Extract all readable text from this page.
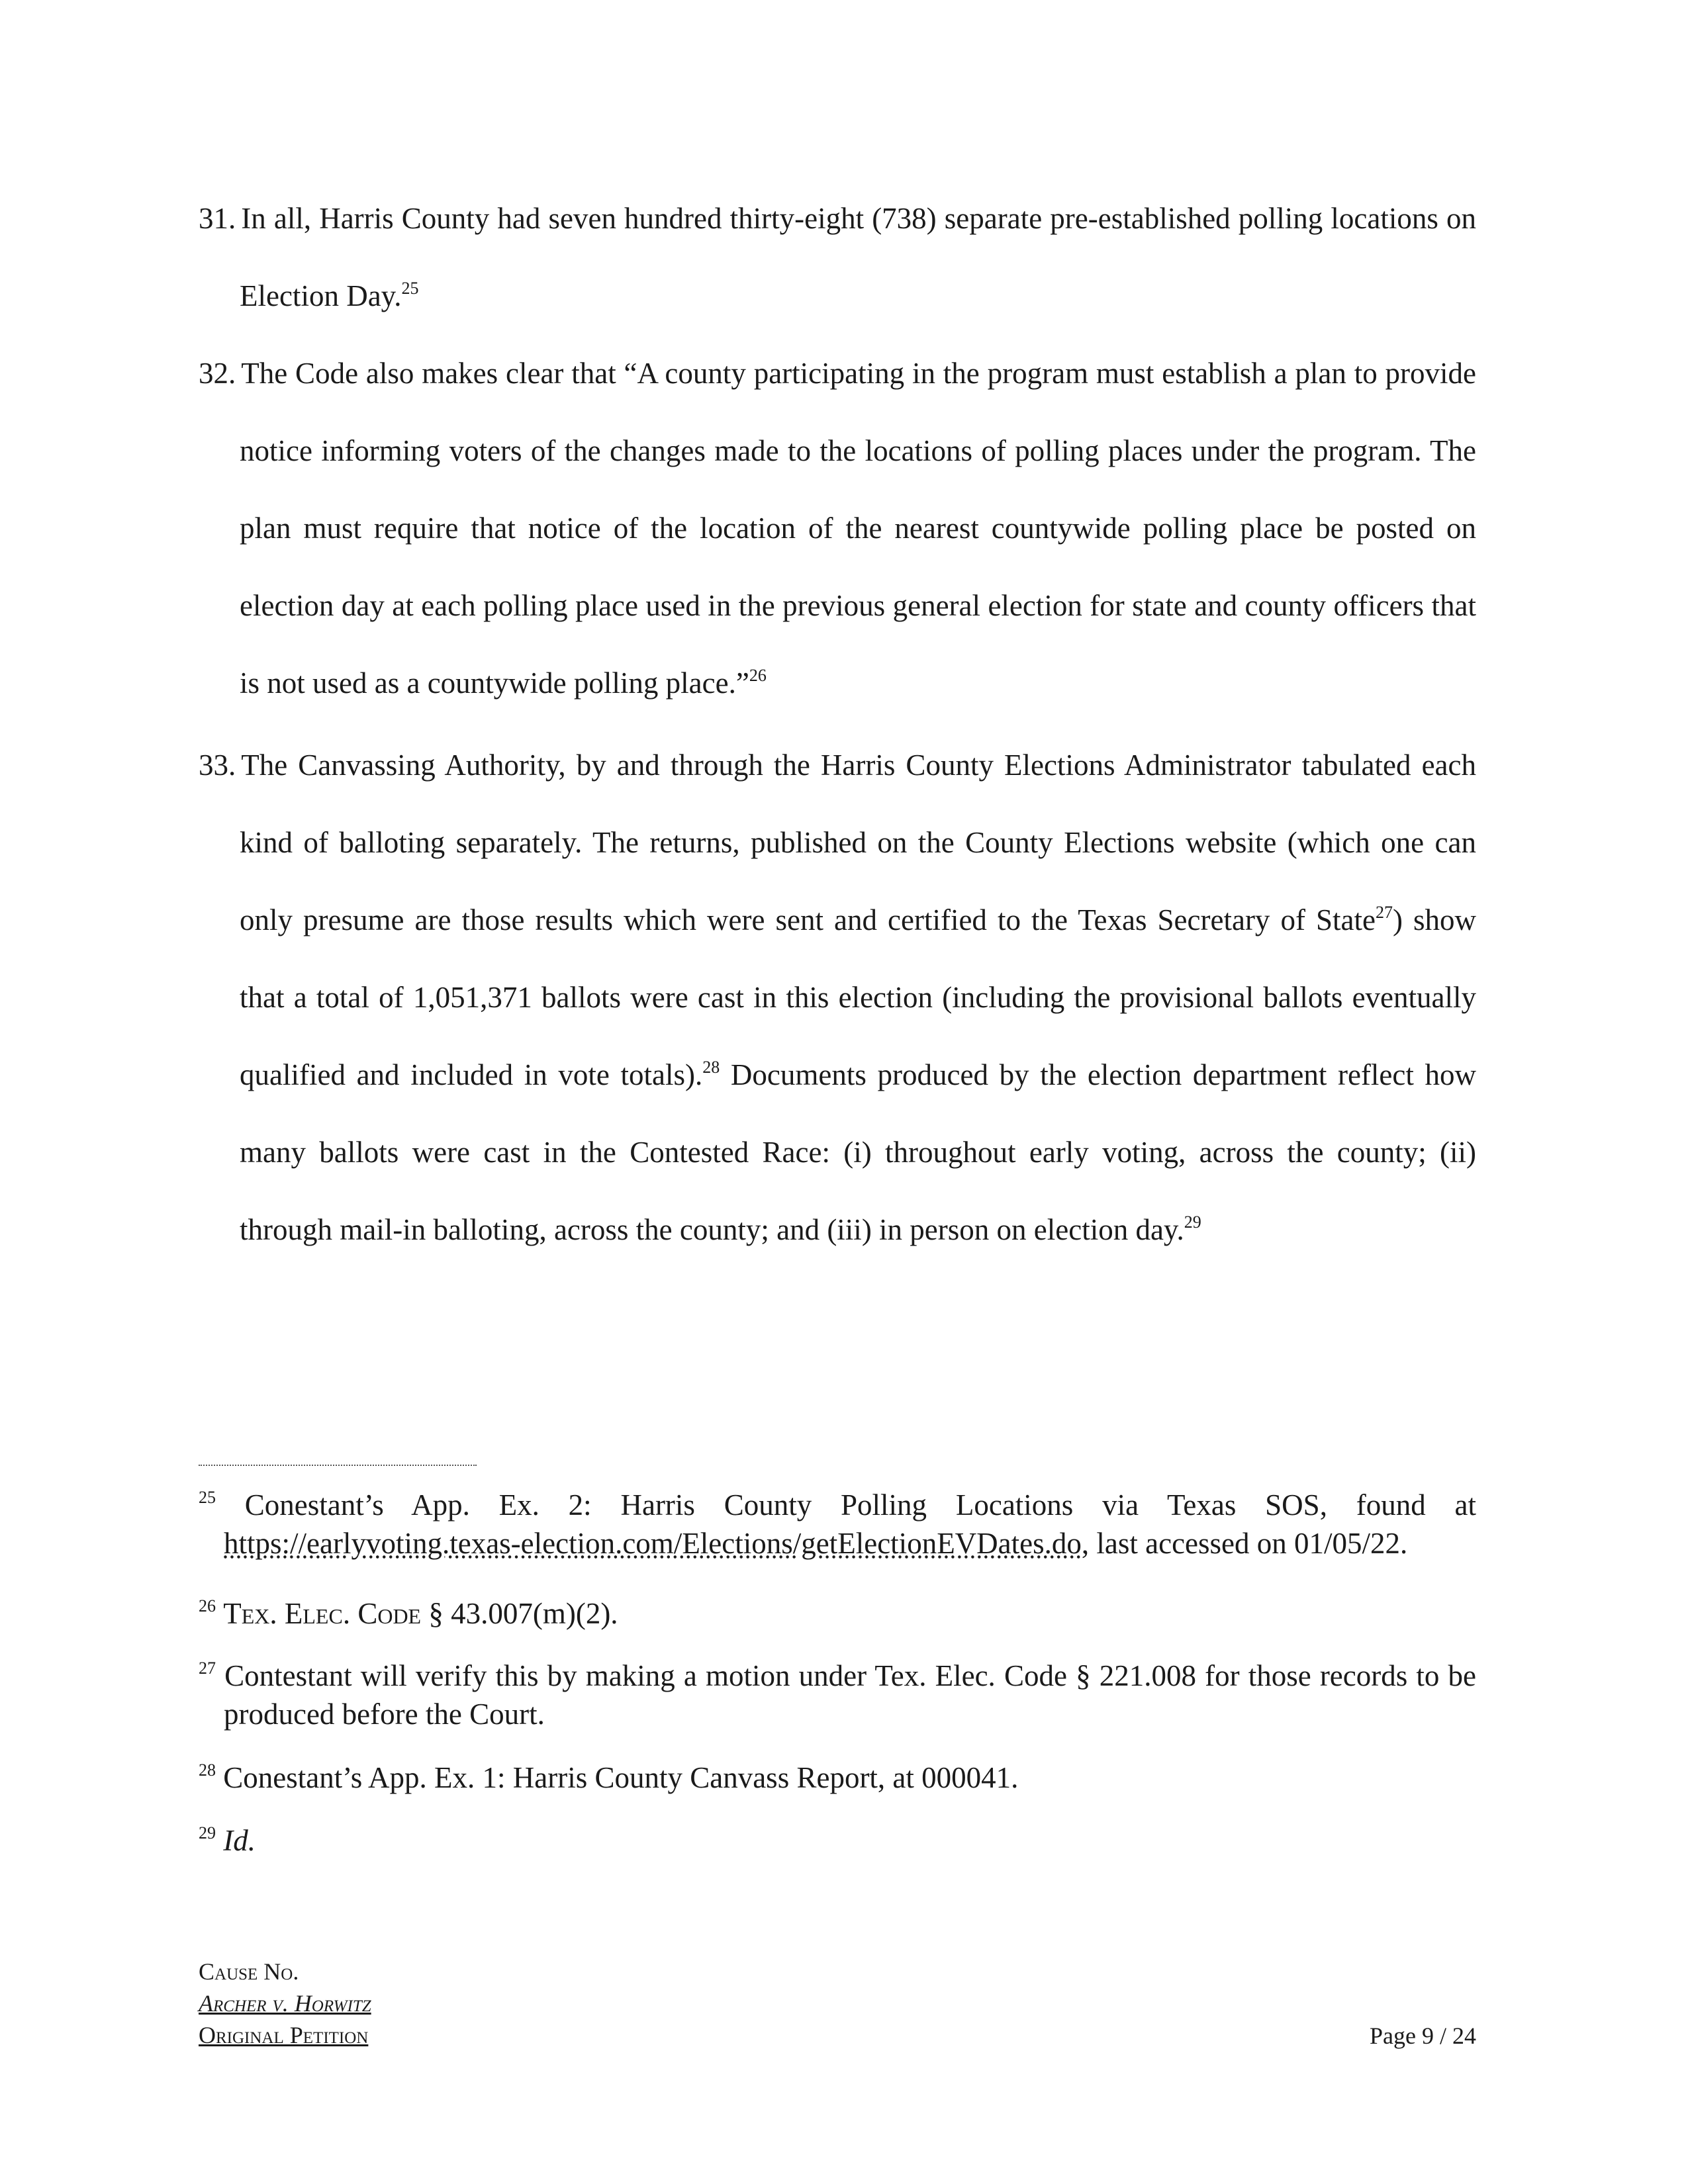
31. In all, Harris County had seven hundred thirty-eight (738) separate pre-established polling locations on Election Day.$^{25}$
32. The Code also makes clear that “A county participating in the program must establish a plan to provide notice informing voters of the changes made to the locations of polling places under the program. The plan must require that notice of the location of the nearest countywide polling place be posted on election day at each polling place used in the previous general election for state and county officers that is not used as a countywide polling place.”$^{26}$
33. The Canvassing Authority, by and through the Harris County Elections Administrator tabulated each kind of balloting separately. The returns, published on the County Elections website (which one can only presume are those results which were sent and certified to the Texas Secretary of State$^{27}$) show that a total of 1,051,371 ballots were cast in this election (including the provisional ballots eventually qualified and included in vote totals).$^{28}$ Documents produced by the election department reflect how many ballots were cast in the Contested Race: (i) throughout early voting, across the county; (ii) through mail-in balloting, across the county; and (iii) in person on election day.$^{29}$
$^{25}$ Conestant’s App. Ex. 2: Harris County Polling Locations via Texas SOS, found at https://earlyvoting.texas-election.com/Elections/getElectionEVDates.do, last accessed on 01/05/22.
$^{26}$ Tex. Elec. Code § 43.007(m)(2).
$^{27}$ Contestant will verify this by making a motion under Tex. Elec. Code § 221.008 for those records to be produced before the Court.
$^{28}$ Conestant’s App. Ex. 1: Harris County Canvass Report, at 000041.
$^{29}$ Id.
Cause No.
Archer v. Horwitz
Original Petition	Page 9 / 24
